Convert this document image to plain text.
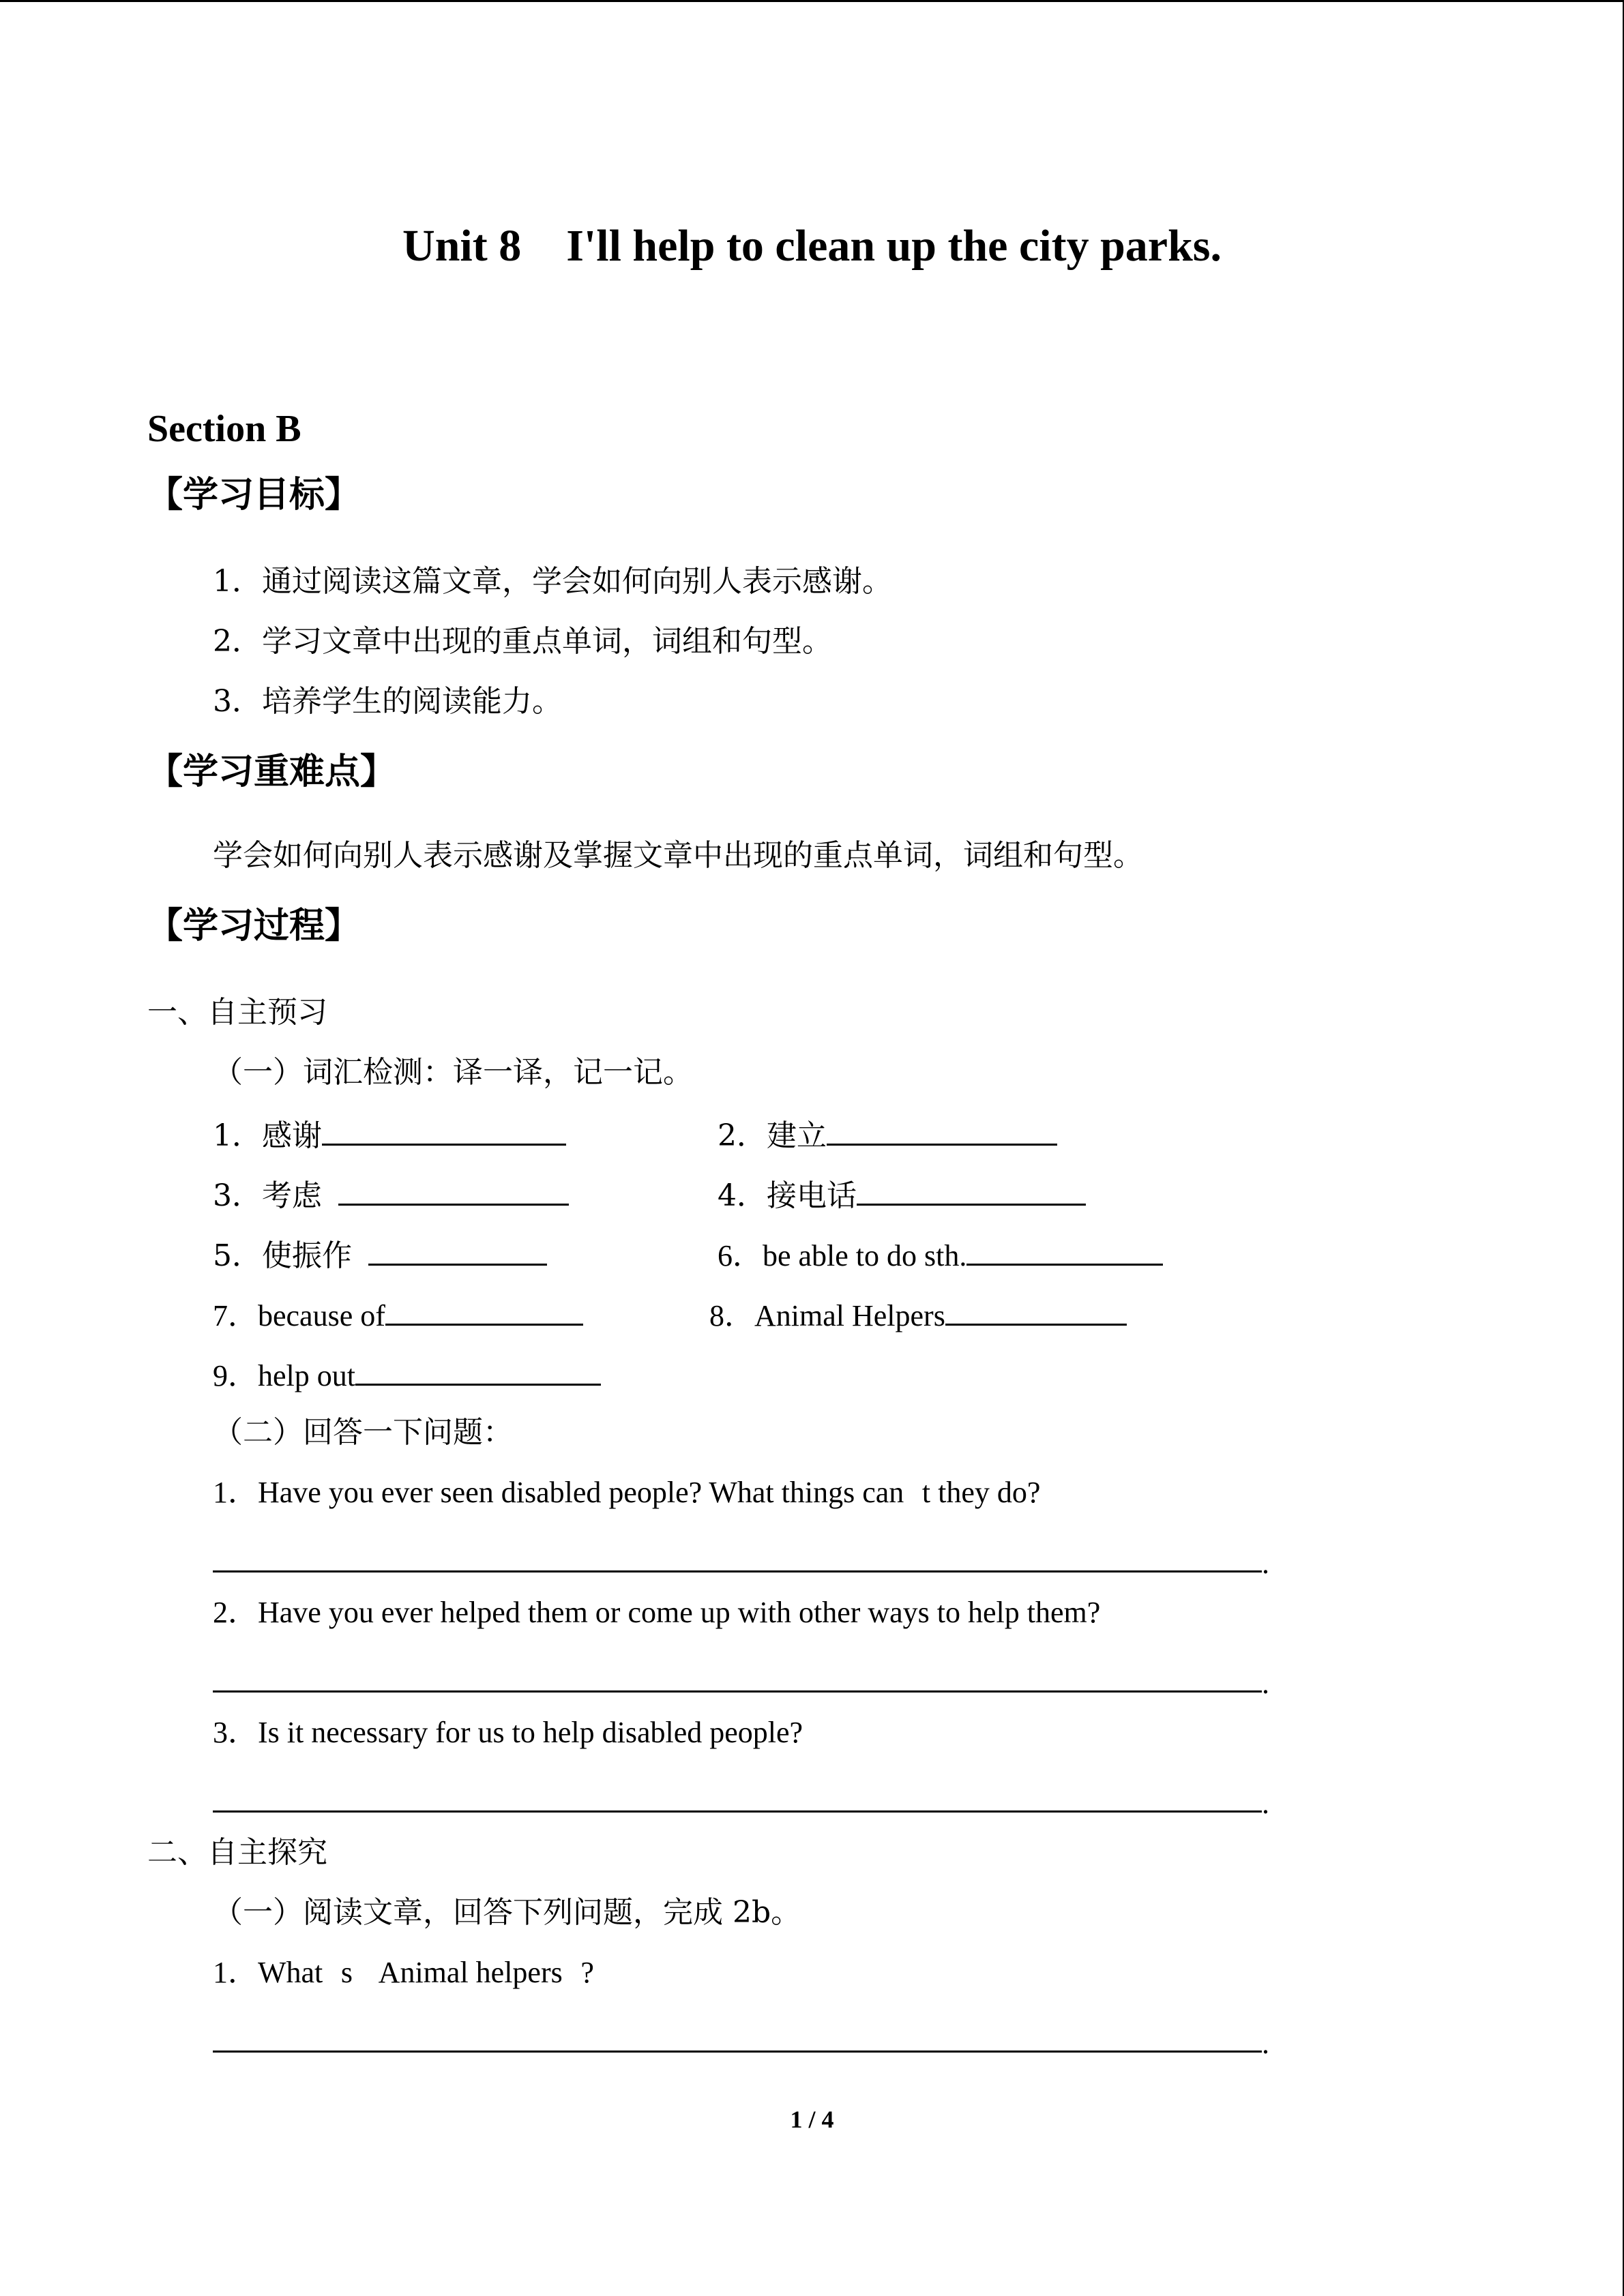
Unit 8　I'll help to clean up the city parks.
Section B
【学习目标】
1．通过阅读这篇文章，学会如何向别人表示感谢。
2．学习文章中出现的重点单词，词组和句型。
3．培养学生的阅读能力。
【学习重难点】
学会如何向别人表示感谢及掌握文章中出现的重点单词，词组和句型。
【学习过程】
一、自主预习
（一）词汇检测：译一译，记一记。
1．感谢	2．建立
3．考虑	4．接电话
5．使振作	6．be able to do sth.
7．because of	8．Animal Helpers
9．help out
（二）回答一下问题：
1．Have you ever seen disabled people? What things cant they do?
.
2．Have you ever helped them or come up with other ways to help them?
.
3．Is it necessary for us to help disabled people?
.
二、自主探究
（一）阅读文章，回答下列问题，完成 2b。
1．Whats Animal helpers?
.
1 / 4
